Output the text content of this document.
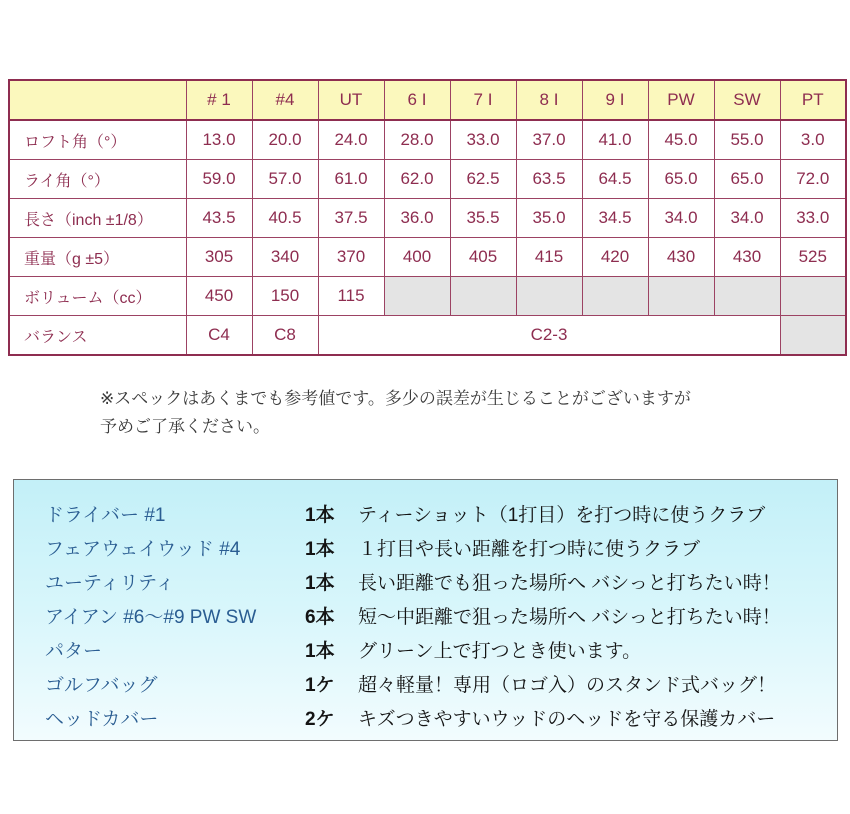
	# 1	#4	UT	6 I	7 I	8 I	9 I	PW	SW	PT
ロフト角（°）	13.0	20.0	24.0	28.0	33.0	37.0	41.0	45.0	55.0	3.0
ライ角（°）	59.0	57.0	61.0	62.0	62.5	63.5	64.5	65.0	65.0	72.0
長さ（inch ±1/8）	43.5	40.5	37.5	36.0	35.5	35.0	34.5	34.0	34.0	33.0
重量（g ±5）	305	340	370	400	405	415	420	430	430	525
ボリューム（cc）	450	150	115							
バランス	C4	C8	C2-3							
※スペックはあくまでも参考値です。多少の誤差が生じることがございますが
予めご了承ください。
ドライバー #1	1本	ティーショット（1打目）を打つ時に使うクラブ
フェアウェイウッド #4	1本	１打目や長い距離を打つ時に使うクラブ
ユーティリティ	1本	長い距離でも狙った場所へ バシっと打ちたい時！
アイアン #6〜#9 PW SW	6本	短〜中距離で狙った場所へ バシっと打ちたい時！
パター	1本	グリーン上で打つとき使います。
ゴルフバッグ	1ケ	超々軽量！専用（ロゴ入）のスタンド式バッグ！
ヘッドカバー	2ケ	キズつきやすいウッドのヘッドを守る保護カバー
